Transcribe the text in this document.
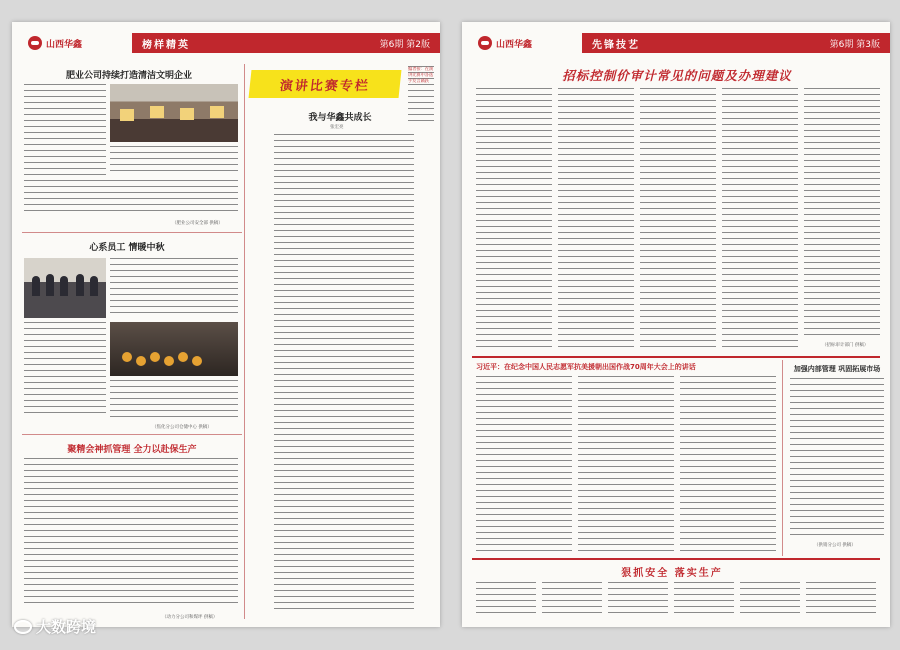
山西华鑫	榜样精英	第6期 第2版
肥业公司持续打造清洁文明企业
（肥业公司安全部 供稿）
心系员工 情暖中秋
（焦化分公司仓储中心 供稿）
聚精会神抓管理 全力以赴保生产
（动力分公司和煤坪 供稿）
演讲比赛专栏
编者按：在演讲比赛中各选手发言踊跃
我与华鑫共成长
张宏亮
山西华鑫	先锋技艺	第6期 第3版
招标控制价审计常见的问题及办理建议
（招标审计部门 供稿）
习近平：在纪念中国人民志愿军抗美援朝出国作战70周年大会上的讲话	加强内部管理 巩固拓展市场
（供销分公司 供稿）
狠抓安全 落实生产
大数跨境
